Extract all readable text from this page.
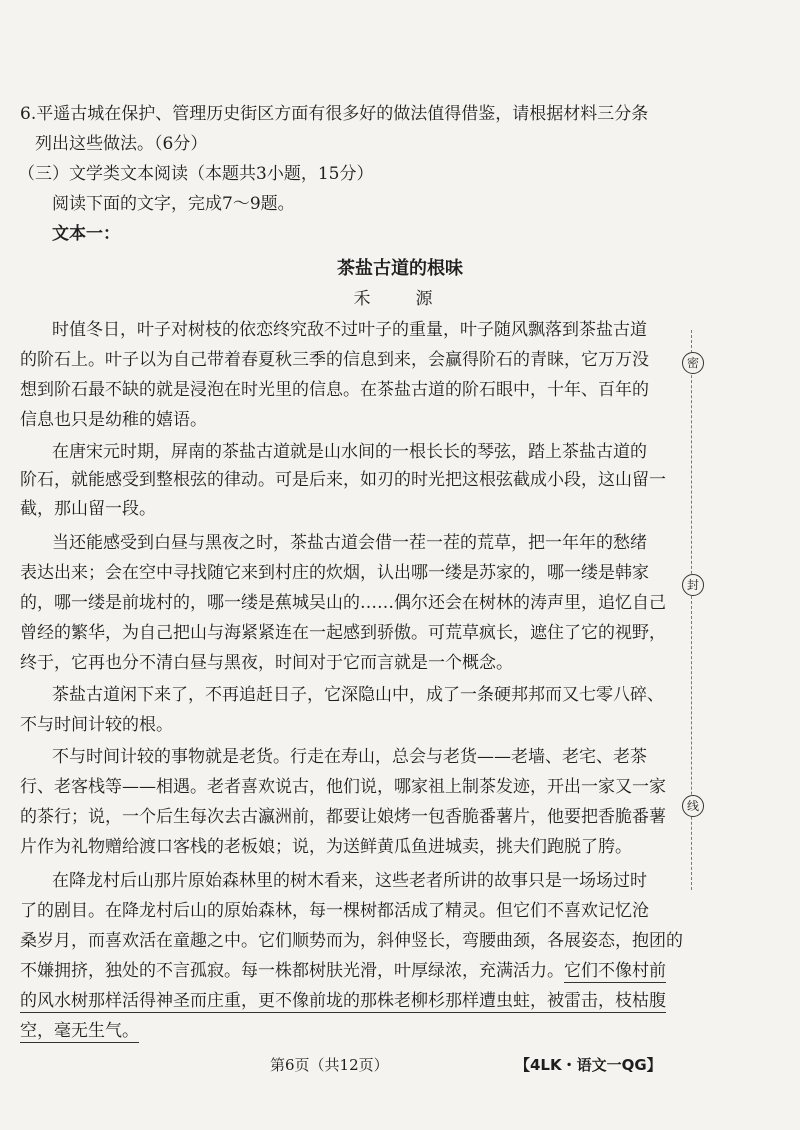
6.平遥古城在保护、管理历史街区方面有很多好的做法值得借鉴，请根据材料三分条
列出这些做法。（6分）
（三）文学类文本阅读（本题共3小题，15分）
阅读下面的文字，完成7～9题。
文本一：
茶盐古道的根味
禾　源
时值冬日，叶子对树枝的依恋终究敌不过叶子的重量，叶子随风飘落到茶盐古道
的阶石上。叶子以为自己带着春夏秋三季的信息到来，会赢得阶石的青睐，它万万没
想到阶石最不缺的就是浸泡在时光里的信息。在茶盐古道的阶石眼中，十年、百年的
信息也只是幼稚的嬉语。
在唐宋元时期，屏南的茶盐古道就是山水间的一根长长的琴弦，踏上茶盐古道的
阶石，就能感受到整根弦的律动。可是后来，如刃的时光把这根弦截成小段，这山留一
截，那山留一段。
当还能感受到白昼与黑夜之时，茶盐古道会借一茬一茬的荒草，把一年年的愁绪
表达出来；会在空中寻找随它来到村庄的炊烟，认出哪一缕是苏家的，哪一缕是韩家
的，哪一缕是前垅村的，哪一缕是蕉城吴山的……偶尔还会在树林的涛声里，追忆自己
曾经的繁华，为自己把山与海紧紧连在一起感到骄傲。可荒草疯长，遮住了它的视野，
终于，它再也分不清白昼与黑夜，时间对于它而言就是一个概念。
茶盐古道闲下来了，不再追赶日子，它深隐山中，成了一条硬邦邦而又七零八碎、
不与时间计较的根。
不与时间计较的事物就是老货。行走在寿山，总会与老货——老墙、老宅、老茶
行、老客栈等——相遇。老者喜欢说古，他们说，哪家祖上制茶发迹，开出一家又一家
的茶行；说，一个后生每次去古瀛洲前，都要让娘烤一包香脆番薯片，他要把香脆番薯
片作为礼物赠给渡口客栈的老板娘；说，为送鲜黄瓜鱼进城卖，挑夫们跑脱了胯。
在降龙村后山那片原始森林里的树木看来，这些老者所讲的故事只是一场场过时
了的剧目。在降龙村后山的原始森林，每一棵树都活成了精灵。但它们不喜欢记忆沧
桑岁月，而喜欢活在童趣之中。它们顺势而为，斜伸竖长，弯腰曲颈，各展姿态，抱团的
不嫌拥挤，独处的不言孤寂。每一株都树肤光滑，叶厚绿浓，充满活力。它们不像村前
的风水树那样活得神圣而庄重，更不像前垅的那株老柳杉那样遭虫蛀，被雷击，枝枯腹
空，毫无生气。
密
封
线
第6页（共12页）	【4LK・语文一QG】
